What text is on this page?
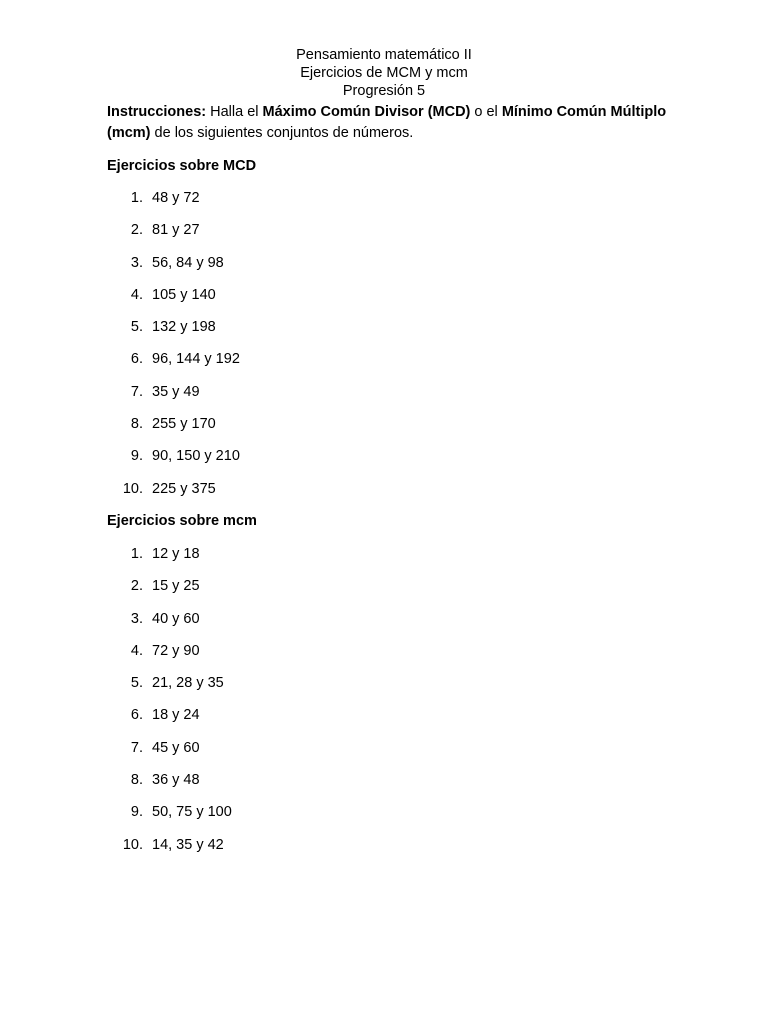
Pensamiento matemático II
Ejercicios de MCM y mcm
Progresión 5
Instrucciones: Halla el Máximo Común Divisor (MCD) o el Mínimo Común Múltiplo (mcm) de los siguientes conjuntos de números.
Ejercicios sobre MCD
1. 48 y 72
2. 81 y 27
3. 56, 84 y 98
4. 105 y 140
5. 132 y 198
6. 96, 144 y 192
7. 35 y 49
8. 255 y 170
9. 90, 150 y 210
10. 225 y 375
Ejercicios sobre mcm
1. 12 y 18
2. 15 y 25
3. 40 y 60
4. 72 y 90
5. 21, 28 y 35
6. 18 y 24
7. 45 y 60
8. 36 y 48
9. 50, 75 y 100
10. 14, 35 y 42
